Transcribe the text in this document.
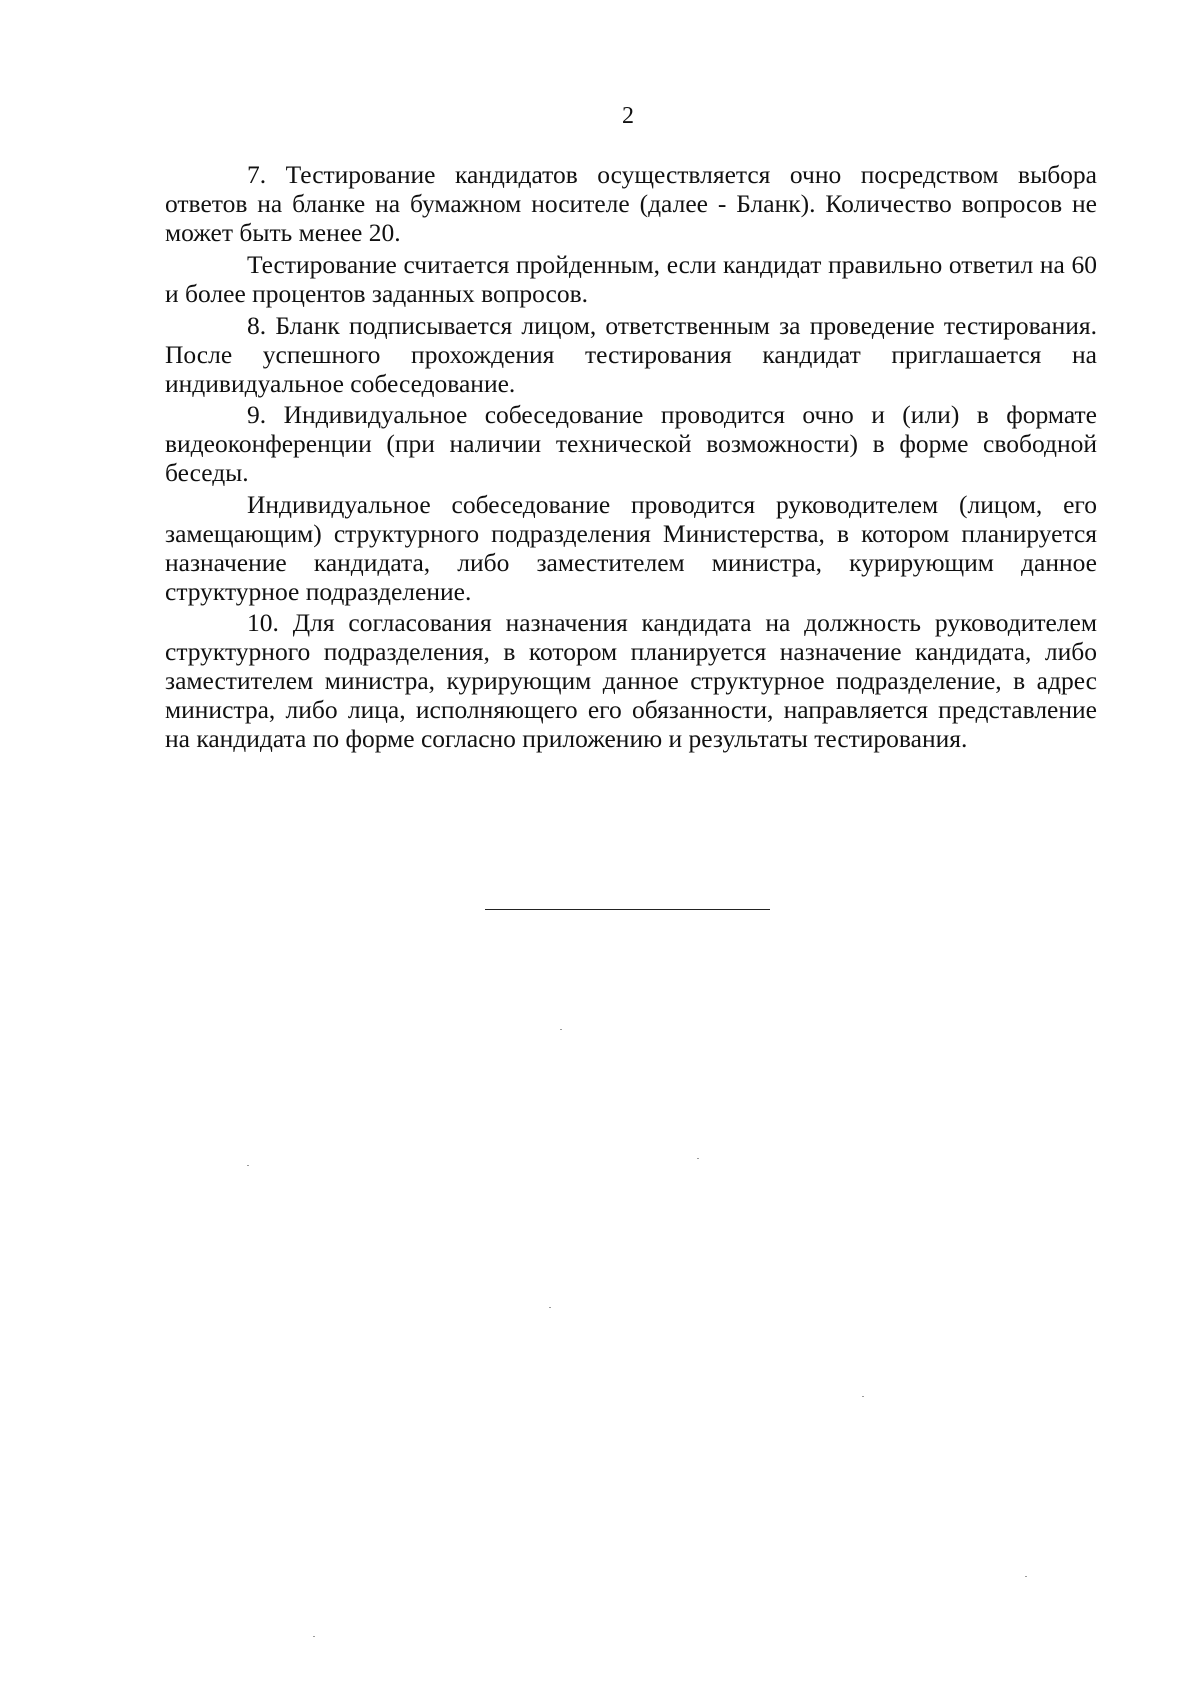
2

7. Тестирование кандидатов осуществляется очно посредством выбора ответов на бланке на бумажном носителе (далее - Бланк). Количество вопросов не может быть менее 20.

Тестирование считается пройденным, если кандидат правильно ответил на 60 и более процентов заданных вопросов.

8. Бланк подписывается лицом, ответственным за проведение тестирования. После успешного прохождения тестирования кандидат приглашается на индивидуальное собеседование.

9. Индивидуальное собеседование проводится очно и (или) в формате видеоконференции (при наличии технической возможности) в форме свободной беседы.

Индивидуальное собеседование проводится руководителем (лицом, его замещающим) структурного подразделения Министерства, в котором планируется назначение кандидата, либо заместителем министра, курирующим данное структурное подразделение.

10. Для согласования назначения кандидата на должность руководителем структурного подразделения, в котором планируется назначение кандидата, либо заместителем министра, курирующим данное структурное подразделение, в адрес министра, либо лица, исполняющего его обязанности, направляется представление на кандидата по форме согласно приложению и результаты тестирования.
